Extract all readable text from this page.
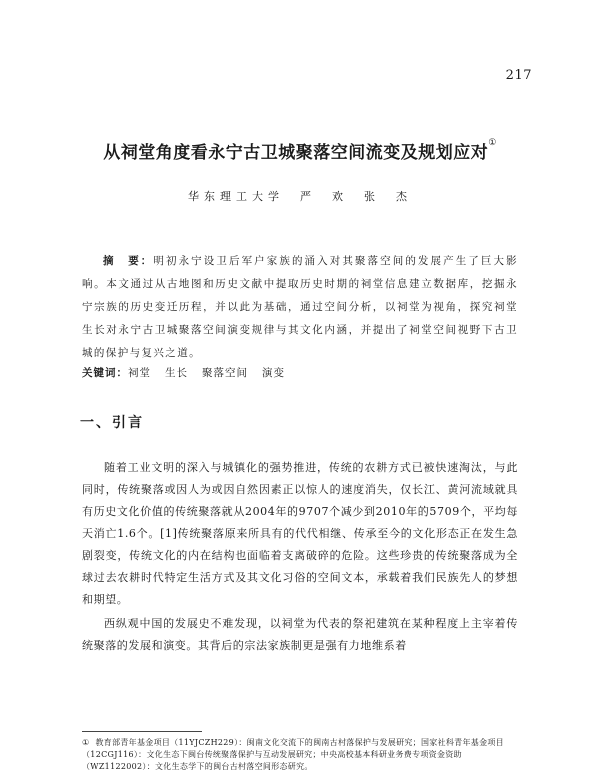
217
从祠堂角度看永宁古卫城聚落空间流变及规划应对①
华东理工大学　严　欢　张　杰

摘　要：明初永宁设卫后军户家族的涌入对其聚落空间的发展产生了巨大影响。本文通过从古地图和历史文献中提取历史时期的祠堂信息建立数据库，挖掘永宁宗族的历史变迁历程，并以此为基础，通过空间分析，以祠堂为视角，探究祠堂生长对永宁古卫城聚落空间演变规律与其文化内涵，并提出了祠堂空间视野下古卫城的保护与复兴之道。

关键词：祠堂 生长 聚落空间 演变

一、引言

随着工业文明的深入与城镇化的强势推进，传统的农耕方式已被快速淘汰，与此同时，传统聚落或因人为或因自然因素正以惊人的速度消失，仅长江、黄河流域就具有历史文化价值的传统聚落就从2004年的9707个减少到2010年的5709个，平均每天消亡1.6个。[1]传统聚落原来所具有的代代相继、传承至今的文化形态正在发生急剧裂变，传统文化的内在结构也面临着支离破碎的危险。这些珍贵的传统聚落成为全球过去农耕时代特定生活方式及其文化习俗的空间文本，承载着我们民族先人的梦想和期望。

西纵观中国的发展史不难发现，以祠堂为代表的祭祀建筑在某种程度上主宰着传统聚落的发展和演变。其背后的宗法家族制更是强有力地维系着

① 教育部青年基金项目（11YJCZH229）：闽南文化交流下的闽南古村落保护与发展研究；国家社科青年基金项目（12CGJ116）：文化生态下闽台传统聚落保护与互动发展研究；中央高校基本科研业务费专项资金资助（WZ1122002）：文化生态学下的闽台古村落空间形态研究。
